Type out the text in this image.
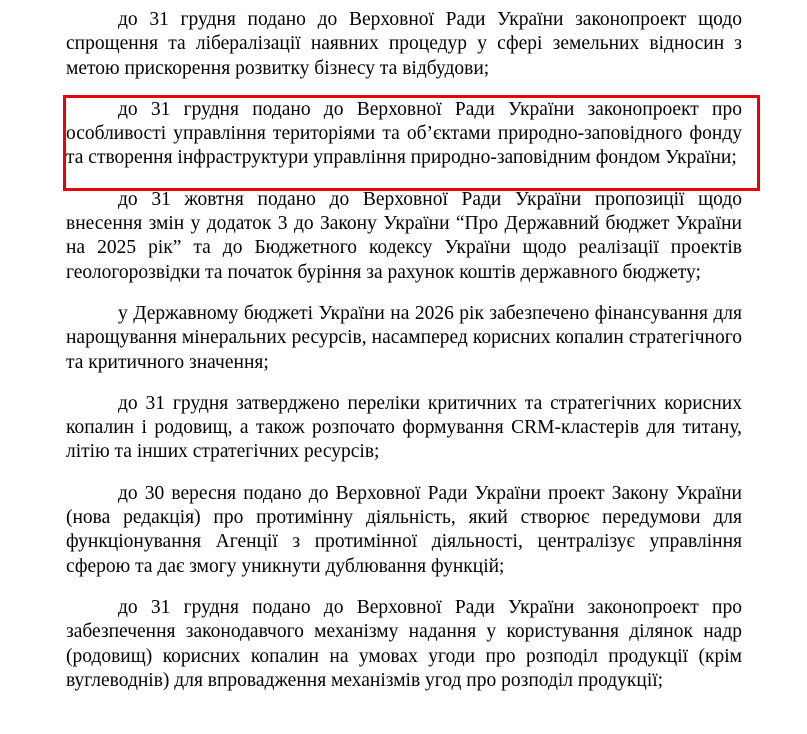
до 31 грудня подано до Верховної Ради України законопроект щодо спрощення та лібералізації наявних процедур у сфері земельних відносин з метою прискорення розвитку бізнесу та відбудови;

до 31 грудня подано до Верховної Ради України законопроект про особливості управління територіями та об’єктами природно-заповідного фонду та створення інфраструктури управління природно-заповідним фондом України;

до 31 жовтня подано до Верховної Ради України пропозиції щодо внесення змін у додаток 3 до Закону України “Про Державний бюджет України на 2025 рік” та до Бюджетного кодексу України щодо реалізації проектів геологорозвідки та початок буріння за рахунок коштів державного бюджету;

у Державному бюджеті України на 2026 рік забезпечено фінансування для нарощування мінеральних ресурсів, насамперед корисних копалин стратегічного та критичного значення;

до 31 грудня затверджено переліки критичних та стратегічних корисних копалин і родовищ, а також розпочато формування CRM-кластерів для титану, літію та інших стратегічних ресурсів;

до 30 вересня подано до Верховної Ради України проект Закону України (нова редакція) про протимінну діяльність, який створює передумови для функціонування Агенції з протимінної діяльності, централізує управління сферою та дає змогу уникнути дублювання функцій;

до 31 грудня подано до Верховної Ради України законопроект про забезпечення законодавчого механізму надання у користування ділянок надр (родовищ) корисних копалин на умовах угоди про розподіл продукції (крім вуглеводнів) для впровадження механізмів угод про розподіл продукції;
